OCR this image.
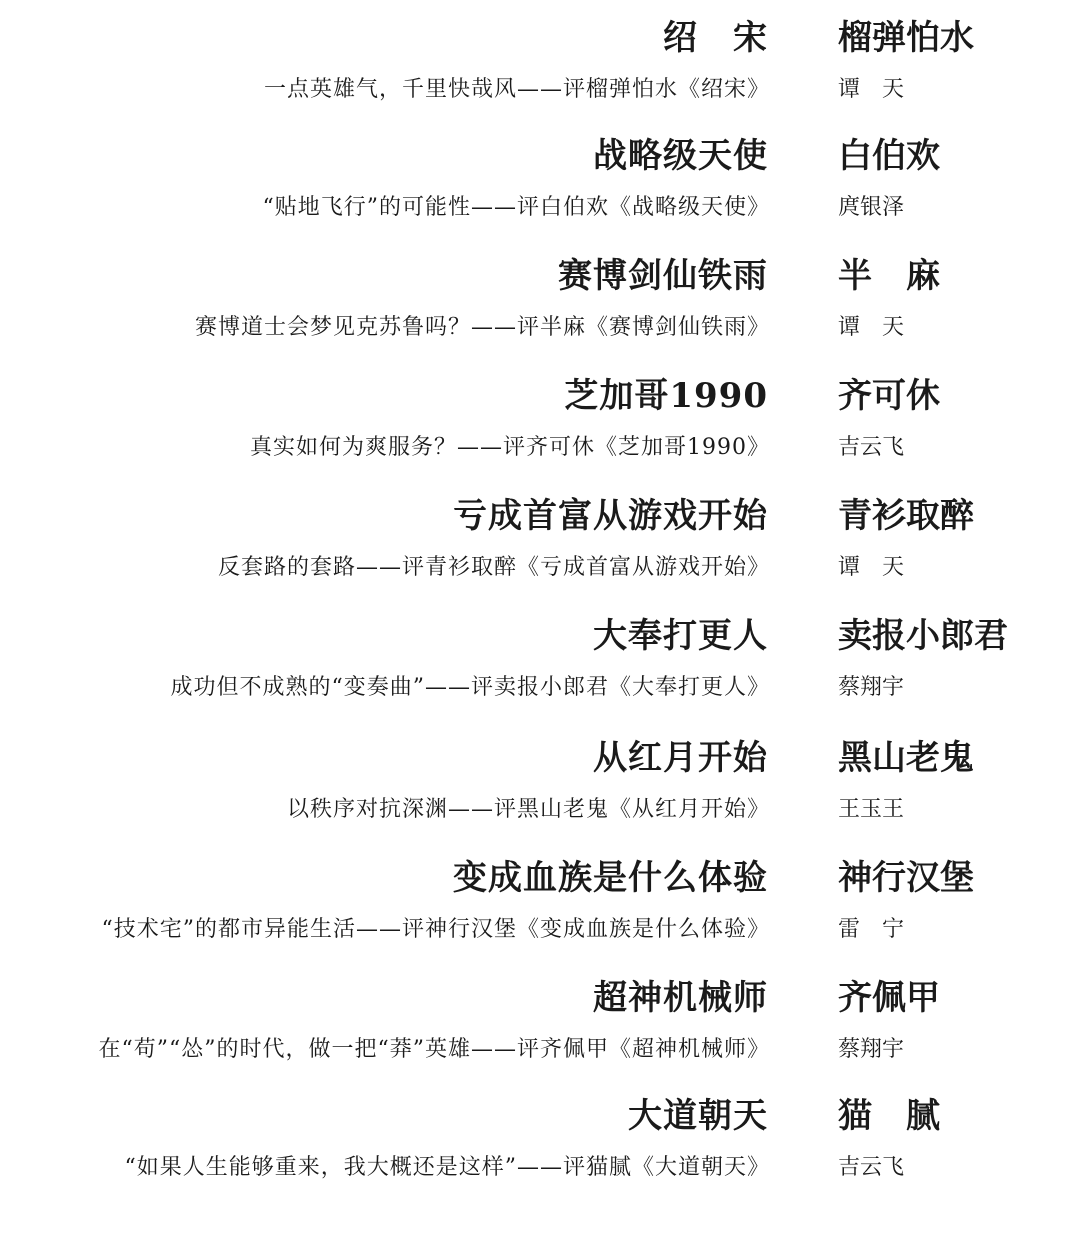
绍　宋 榴弹怕水
一点英雄气，千里快哉风——评榴弹怕水《绍宋》	谭　天
战略级天使 白伯欢
“贴地飞行”的可能性——评白伯欢《战略级天使》	庹银泽
赛博剑仙铁雨 半　麻
赛博道士会梦见克苏鲁吗？——评半麻《赛博剑仙铁雨》	谭　天
芝加哥1990 齐可休
真实如何为爽服务？——评齐可休《芝加哥1990》	吉云飞
亏成首富从游戏开始 青衫取醉
反套路的套路——评青衫取醉《亏成首富从游戏开始》	谭　天
大奉打更人 卖报小郎君
成功但不成熟的“变奏曲”——评卖报小郎君《大奉打更人》	蔡翔宇
从红月开始 黑山老鬼
以秩序对抗深渊——评黑山老鬼《从红月开始》	王玉王
变成血族是什么体验 神行汉堡
“技术宅”的都市异能生活——评神行汉堡《变成血族是什么体验》	雷　宁
超神机械师 齐佩甲
在“苟”“怂”的时代，做一把“莽”英雄——评齐佩甲《超神机械师》	蔡翔宇
大道朝天 猫　腻
“如果人生能够重来，我大概还是这样”——评猫腻《大道朝天》	吉云飞
